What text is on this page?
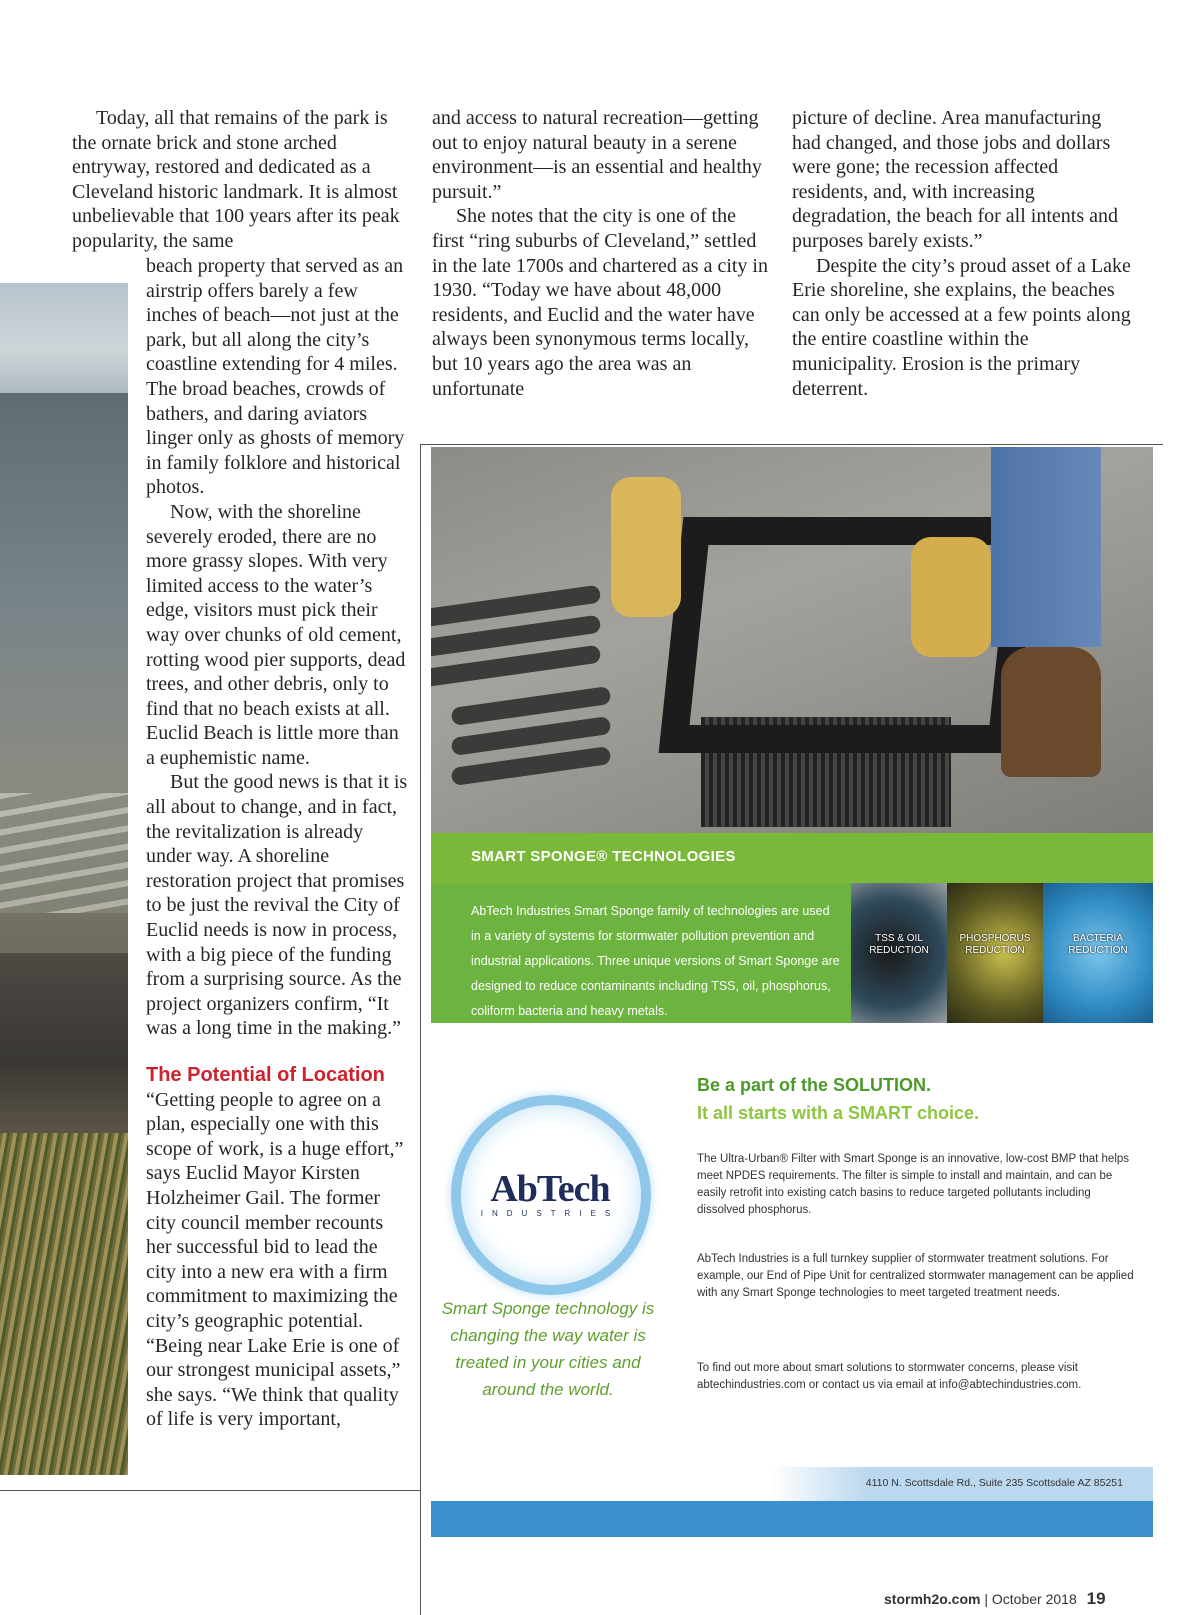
Today, all that remains of the park is the ornate brick and stone arched entryway, restored and dedicated as a Cleveland historic landmark. It is almost unbelievable that 100 years after its peak popularity, the same

beach property that served as an airstrip offers barely a few inches of beach—not just at the park, but all along the city’s coastline extending for 4 miles. The broad beaches, crowds of bathers, and daring aviators linger only as ghosts of memory in family folklore and historical photos.

Now, with the shoreline severely eroded, there are no more grassy slopes. With very limited access to the water’s edge, visitors must pick their way over chunks of old cement, rotting wood pier supports, dead trees, and other debris, only to find that no beach exists at all. Euclid Beach is little more than a euphemistic name.

But the good news is that it is all about to change, and in fact, the revitalization is already under way. A shoreline restoration project that promises to be just the revival the City of Euclid needs is now in process, with a big piece of the funding from a surprising source. As the project organizers confirm, “It was a long time in the making.”

The Potential of Location

“Getting people to agree on a plan, especially one with this scope of work, is a huge effort,” says Euclid Mayor Kirsten Holzheimer Gail. The former city council member recounts her successful bid to lead the city into a new era with a firm commitment to maximizing the city’s geographic potential. “Being near Lake Erie is one of our strongest municipal assets,” she says. “We think that quality of life is very important,

and access to natural recreation—getting out to enjoy natural beauty in a serene environment—is an essential and healthy pursuit.”

She notes that the city is one of the first “ring suburbs of Cleveland,” settled in the late 1700s and chartered as a city in 1930. “Today we have about 48,000 residents, and Euclid and the water have always been synonymous terms locally, but 10 years ago the area was an unfortunate

picture of decline. Area manufacturing had changed, and those jobs and dollars were gone; the recession affected residents, and, with increasing degradation, the beach for all intents and purposes barely exists.”

Despite the city’s proud asset of a Lake Erie shoreline, she explains, the beaches can only be accessed at a few points along the entire coastline within the municipality. Erosion is the primary deterrent.

SMART SPONGE® TECHNOLOGIES

AbTech Industries Smart Sponge family of technologies are used in a variety of systems for stormwater pollution prevention and industrial applications. Three unique versions of Smart Sponge are designed to reduce contaminants including TSS, oil, phosphorus, coliform bacteria and heavy metals.

TSS & OIL REDUCTION
PHOSPHORUS REDUCTION
BACTERIA REDUCTION
AbTech
INDUSTRIES
Smart Sponge technology is changing the way water is treated in your cities and around the world.
Be a part of the SOLUTION.
It all starts with a SMART choice.

The Ultra-Urban® Filter with Smart Sponge is an innovative, low-cost BMP that helps meet NPDES requirements. The filter is simple to install and maintain, and can be easily retrofit into existing catch basins to reduce targeted pollutants including dissolved phosphorus.

AbTech Industries is a full turnkey supplier of stormwater treatment solutions. For example, our End of Pipe Unit for centralized stormwater management can be applied with any Smart Sponge technologies to meet targeted treatment needs.

To find out more about smart solutions to stormwater concerns, please visit abtechindustries.com or contact us via email at info@abtechindustries.com.

4110 N. Scottsdale Rd., Suite 235 Scottsdale AZ 85251
480-874-4000 or 1-800-545-8999
stormh2o.com | October 2018 19
